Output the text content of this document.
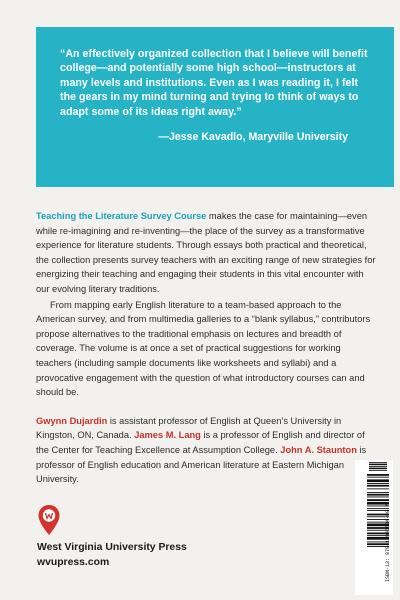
“An effectively organized collection that I believe will benefit college—and potentially some high school—instructors at many levels and institutions. Even as I was reading it, I felt the gears in my mind turning and trying to think of ways to adapt some of its ideas right away.”

—Jesse Kavadlo, Maryville University

Teaching the Literature Survey Course makes the case for maintaining—even while re-imagining and re-inventing—the place of the survey as a transformative experience for literature students. Through essays both practical and theoretical, the collection presents survey teachers with an exciting range of new strategies for energizing their teaching and engaging their students in this vital encounter with our evolving literary traditions.

From mapping early English literature to a team-based approach to the American survey, and from multimedia galleries to a “blank syllabus,” contributors propose alternatives to the traditional emphasis on lectures and breadth of coverage. The volume is at once a set of practical suggestions for working teachers (including sample documents like worksheets and syllabi) and a provocative engagement with the question of what introductory courses can and should be.

Gwynn Dujardin is assistant professor of English at Queen’s University in Kingston, ON, Canada. James M. Lang is a professor of English and director of the Center for Teaching Excellence at Assumption College. John A. Staunton is professor of English education and American literature at Eastern Michigan University.

West Virginia University Press
wvupress.com	ISBN-13: 978-1-946684-09-7
